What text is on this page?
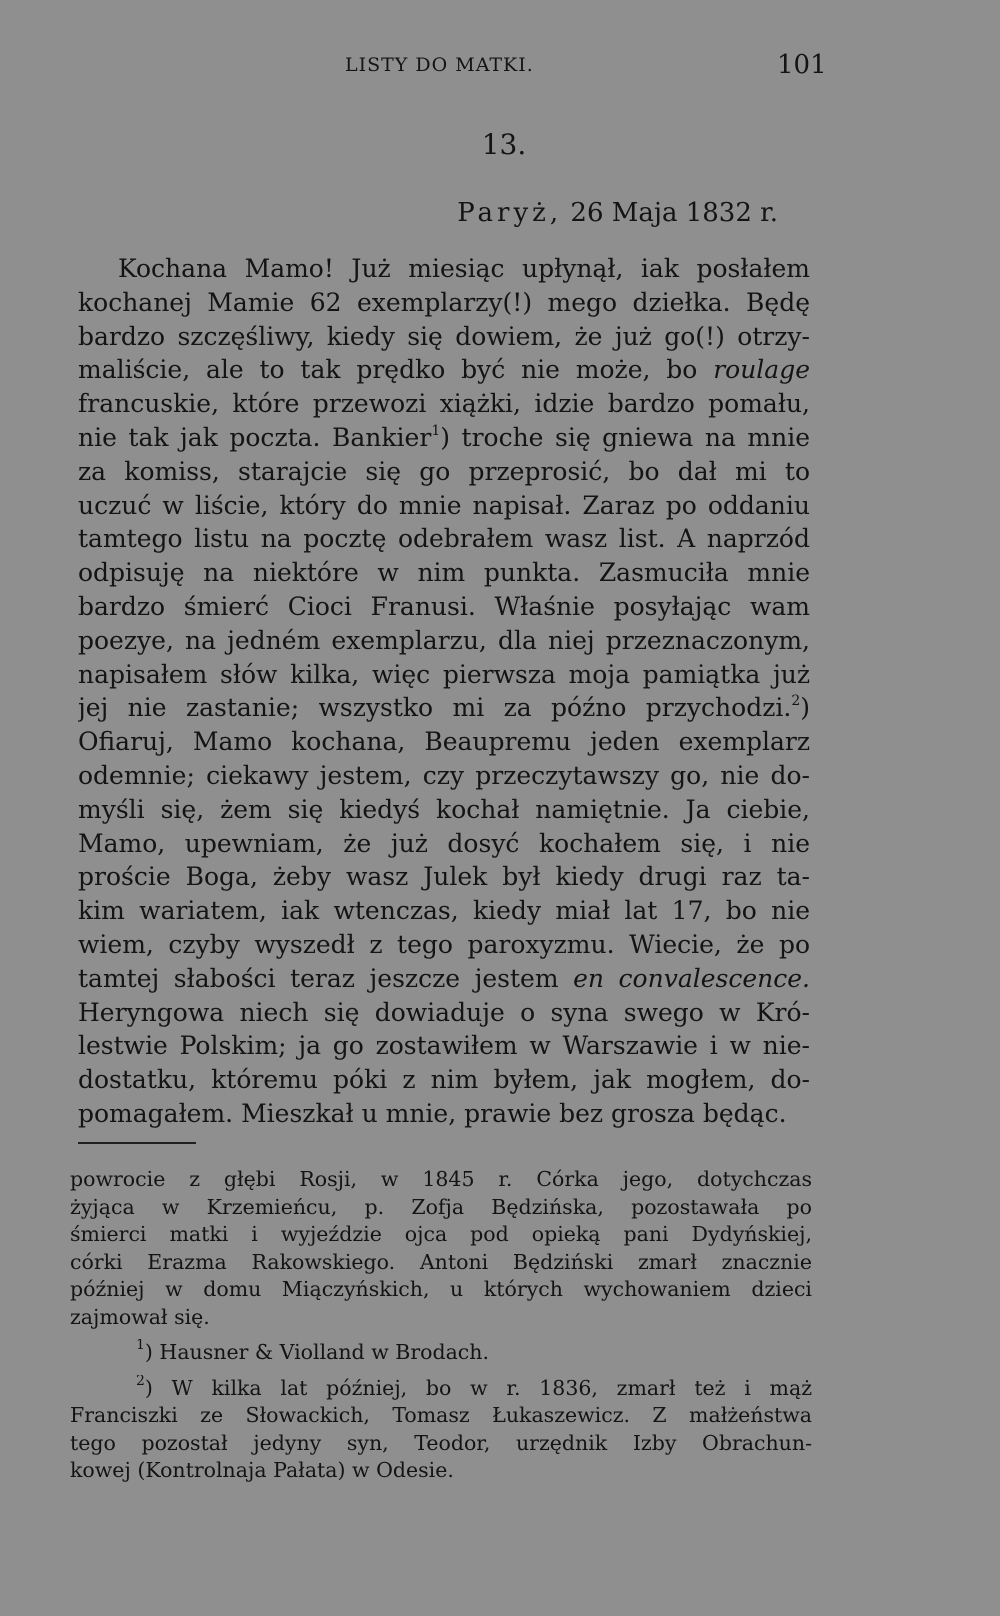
LISTY DO MATKI.	101
13.
Paryż, 26 Maja 1832 r.
Kochana Mamo! Już miesiąc upłynął, iak posłałem
kochanej Mamie 62 exemplarzy(!) mego dziełka. Będę
bardzo szczęśliwy, kiedy się dowiem, że już go(!) otrzy-
maliście, ale to tak prędko być nie może, bo roulage
francuskie, które przewozi xiążki, idzie bardzo pomału,
nie tak jak poczta. Bankier$^1$) troche się gniewa na mnie
za komiss, starajcie się go przeprosić, bo dał mi to
uczuć w liście, który do mnie napisał. Zaraz po oddaniu
tamtego listu na pocztę odebrałem wasz list. A naprzód
odpisuję na niektóre w nim punkta. Zasmuciła mnie
bardzo śmierć Cioci Franusi. Właśnie posyłając wam
poezye, na jedném exemplarzu, dla niej przeznaczonym,
napisałem słów kilka, więc pierwsza moja pamiątka już
jej nie zastanie; wszystko mi za późno przychodzi.$^2$)
Ofiaruj, Mamo kochana, Beaupremu jeden exemplarz
odemnie; ciekawy jestem, czy przeczytawszy go, nie do-
myśli się, żem się kiedyś kochał namiętnie. Ja ciebie,
Mamo, upewniam, że już dosyć kochałem się, i nie
proście Boga, żeby wasz Julek był kiedy drugi raz ta-
kim wariatem, iak wtenczas, kiedy miał lat 17, bo nie
wiem, czyby wyszedł z tego paroxyzmu. Wiecie, że po
tamtej słabości teraz jeszcze jestem en convalescence.
Heryngowa niech się dowiaduje o syna swego w Kró-
lestwie Polskim; ja go zostawiłem w Warszawie i w nie-
dostatku, któremu póki z nim byłem, jak mogłem, do-
pomagałem. Mieszkał u mnie, prawie bez grosza będąc.
powrocie z głębi Rosji, w 1845 r. Córka jego, dotychczas
żyjąca w Krzemieńcu, p. Zofja Będzińska, pozostawała po
śmierci matki i wyjeździe ojca pod opieką pani Dydyńskiej,
córki Erazma Rakowskiego. Antoni Będziński zmarł znacznie
później w domu Miączyńskich, u których wychowaniem dzieci
zajmował się.
$^1$) Hausner & Violland w Brodach.
$^2$) W kilka lat później, bo w r. 1836, zmarł też i mąż
Franciszki ze Słowackich, Tomasz Łukaszewicz. Z małżeństwa
tego pozostał jedyny syn, Teodor, urzędnik Izby Obrachun-
kowej (Kontrolnaja Pałata) w Odesie.
